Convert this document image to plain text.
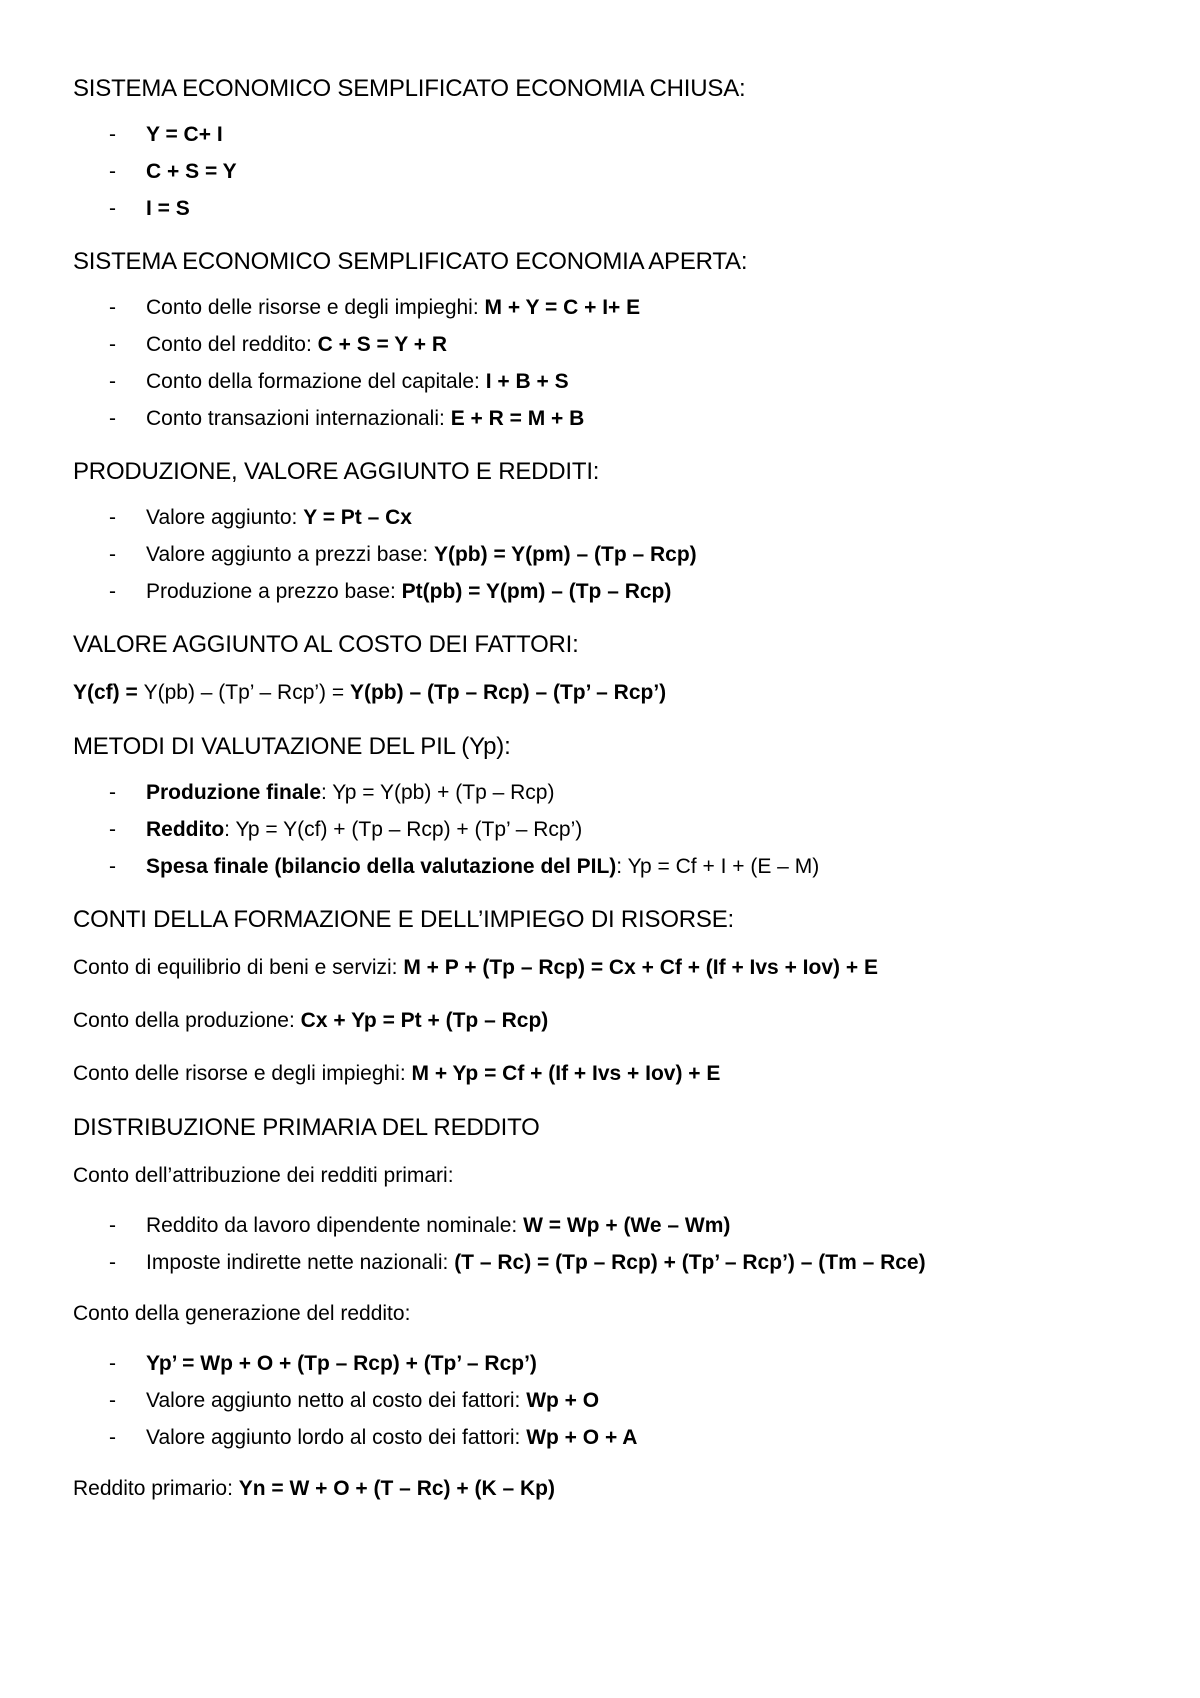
SISTEMA ECONOMICO SEMPLIFICATO ECONOMIA CHIUSA:
- Y = C+ I
- C + S = Y
- I = S
SISTEMA ECONOMICO SEMPLIFICATO ECONOMIA APERTA:
- Conto delle risorse e degli impieghi: M + Y = C + I+ E
- Conto del reddito: C + S = Y + R
- Conto della formazione del capitale: I + B + S
- Conto transazioni internazionali: E + R = M + B
PRODUZIONE, VALORE AGGIUNTO E REDDITI:
- Valore aggiunto: Y = Pt – Cx
- Valore aggiunto a prezzi base: Y(pb) = Y(pm) – (Tp – Rcp)
- Produzione a prezzo base: Pt(pb) = Y(pm) – (Tp – Rcp)
VALORE AGGIUNTO AL COSTO DEI FATTORI:

Y(cf) = Y(pb) – (Tp’ – Rcp’) = Y(pb) – (Tp – Rcp) – (Tp’ – Rcp’)

METODI DI VALUTAZIONE DEL PIL (Yp):
- Produzione finale: Yp = Y(pb) + (Tp – Rcp)
- Reddito: Yp = Y(cf) + (Tp – Rcp) + (Tp’ – Rcp’)
- Spesa finale (bilancio della valutazione del PIL): Yp = Cf + I + (E – M)
CONTI DELLA FORMAZIONE E DELL’IMPIEGO DI RISORSE:

Conto di equilibrio di beni e servizi: M + P + (Tp – Rcp) = Cx + Cf + (If + Ivs + Iov) + E

Conto della produzione: Cx + Yp = Pt + (Tp – Rcp)

Conto delle risorse e degli impieghi: M + Yp = Cf + (If + Ivs + Iov) + E

DISTRIBUZIONE PRIMARIA DEL REDDITO

Conto dell’attribuzione dei redditi primari:

- Reddito da lavoro dipendente nominale: W = Wp + (We – Wm)
- Imposte indirette nette nazionali: (T – Rc) = (Tp – Rcp) + (Tp’ – Rcp’) – (Tm – Rce)

Conto della generazione del reddito:

- Yp’ = Wp + O + (Tp – Rcp) + (Tp’ – Rcp’)
- Valore aggiunto netto al costo dei fattori: Wp + O
- Valore aggiunto lordo al costo dei fattori: Wp + O + A

Reddito primario: Yn = W + O + (T – Rc) + (K – Kp)
